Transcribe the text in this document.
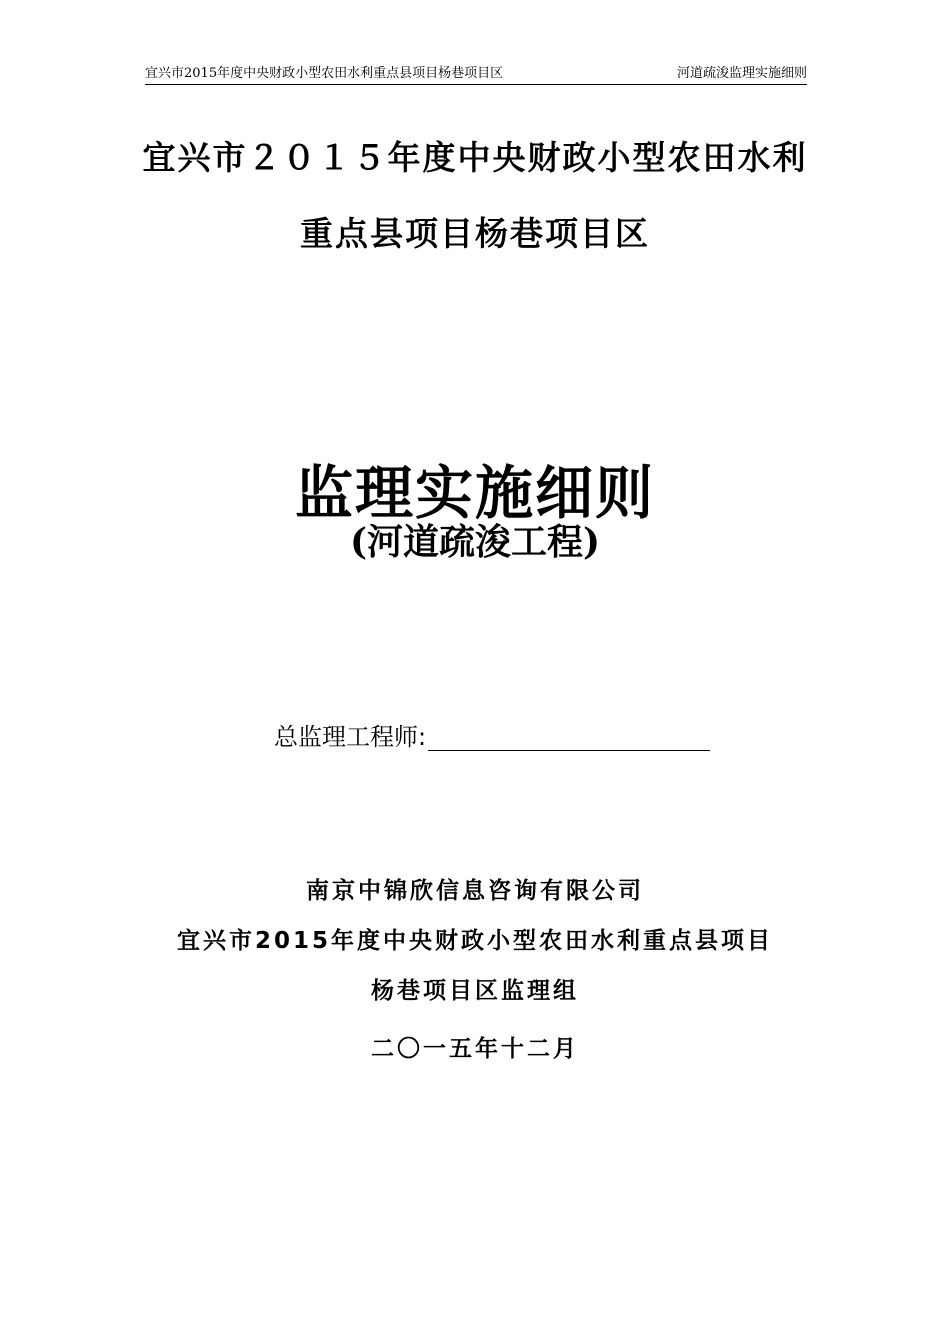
宜兴市2015年度中央财政小型农田水利重点县项目杨巷项目区	河道疏浚监理实施细则
宜兴市２０１５年度中央财政小型农田水利
重点县项目杨巷项目区
监理实施细则
(河道疏浚工程)
总监理工程师:
南京中锦欣信息咨询有限公司
宜兴市2015年度中央财政小型农田水利重点县项目
杨巷项目区监理组
二〇一五年十二月
